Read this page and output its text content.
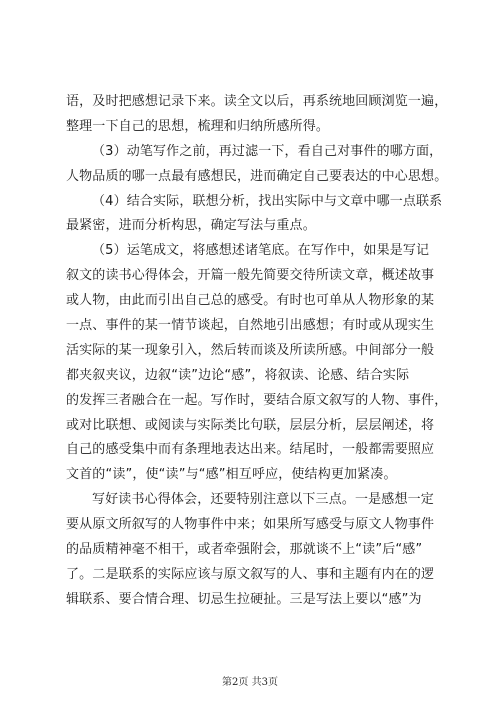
语，及时把感想记录下来。读全文以后，再系统地回顾浏览一遍，
整理一下自己的思想，梳理和归纳所感所得。
（3）动笔写作之前，再过滤一下，看自己对事件的哪方面，
人物品质的哪一点最有感想民，进而确定自己要表达的中心思想。
（4）结合实际，联想分析，找出实际中与文章中哪一点联系
最紧密，进而分析构思，确定写法与重点。
（5）运笔成文，将感想述诸笔底。在写作中，如果是写记
叙文的读书心得体会，开篇一般先简要交待所读文章，概述故事
或人物，由此而引出自己总的感受。有时也可单从人物形象的某
一点、事件的某一情节谈起，自然地引出感想；有时或从现实生
活实际的某一现象引入，然后转而谈及所读所感。中间部分一般
都夹叙夹议，边叙“读”边论“感”，将叙读、论感、结合实际
的发挥三者融合在一起。写作时，要结合原文叙写的人物、事件，
或对比联想、或阅读与实际类比句联，层层分析，层层阐述，将
自己的感受集中而有条理地表达出来。结尾时，一般都需要照应
文首的“读”，使“读”与“感”相互呼应，使结构更加紧凑。
写好读书心得体会，还要特别注意以下三点。一是感想一定
要从原文所叙写的人物事件中来；如果所写感受与原文人物事件
的品质精神毫不相干，或者牵强附会，那就谈不上“读”后“感”
了。二是联系的实际应该与原文叙写的人、事和主题有内在的逻
辑联系、要合情合理、切忌生拉硬扯。三是写法上要以“感”为
第2页 共3页
